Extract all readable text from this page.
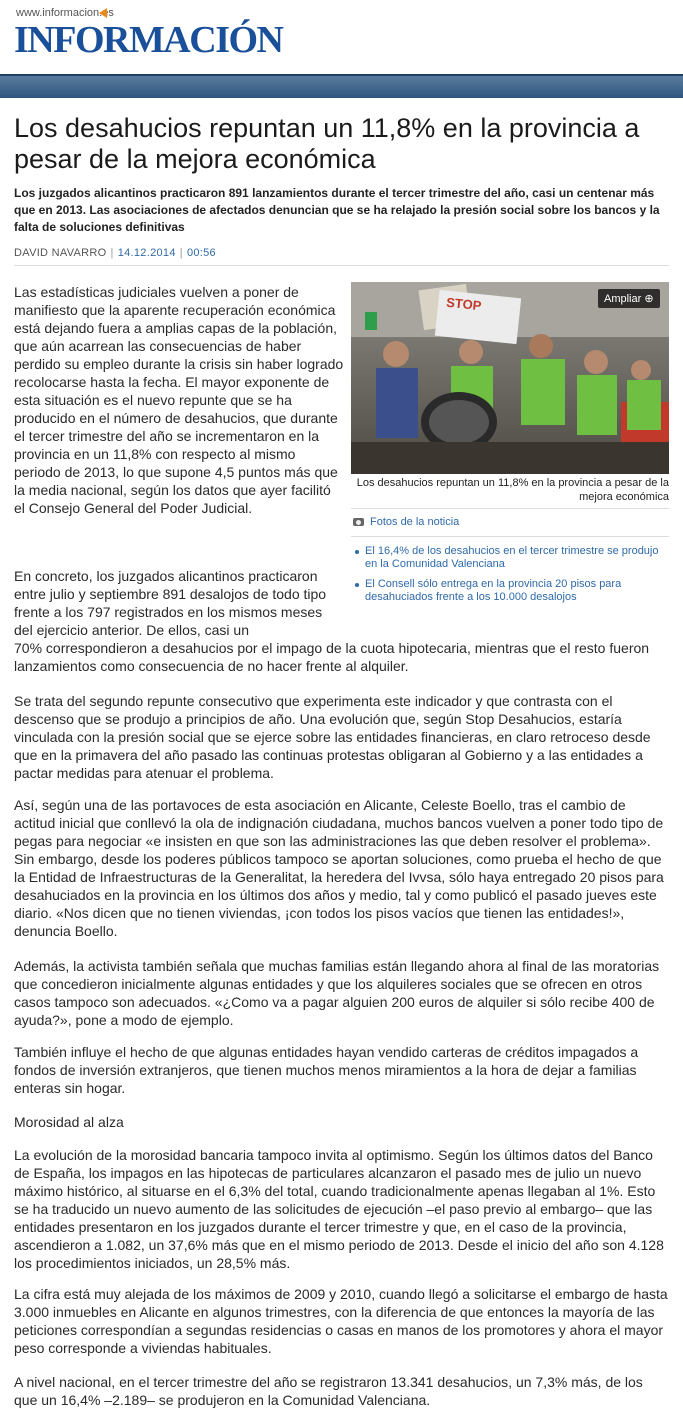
www.informacion.es
INFORMACIÓN
Los desahucios repuntan un 11,8% en la provincia a pesar de la mejora económica

Los juzgados alicantinos practicaron 891 lanzamientos durante el tercer trimestre del año, casi un centenar más que en 2013. Las asociaciones de afectados denuncian que se ha relajado la presión social sobre los bancos y la falta de soluciones definitivas

DAVID NAVARRO | 14.12.2014 | 00:56
STOP	Ampliar ⊕
Los desahucios repuntan un 11,8% en la provincia a pesar de la mejora económica
Fotos de la noticia
El 16,4% de los desahucios en el tercer trimestre se produjo en la Comunidad Valenciana
El Consell sólo entrega en la provincia 20 pisos para desahuciados frente a los 10.000 desalojos

Las estadísticas judiciales vuelven a poner de manifiesto que la aparente recuperación económica está dejando fuera a amplias capas de la población, que aún acarrean las consecuencias de haber perdido su empleo durante la crisis sin haber logrado recolocarse hasta la fecha. El mayor exponente de esta situación es el nuevo repunte que se ha producido en el número de desahucios, que durante el tercer trimestre del año se incrementaron en la provincia en un 11,8% con respecto al mismo periodo de 2013, lo que supone 4,5 puntos más que la media nacional, según los datos que ayer facilitó el Consejo General del Poder Judicial.

En concreto, los juzgados alicantinos practicaron entre julio y septiembre 891 desalojos de todo tipo frente a los 797 registrados en los mismos meses del ejercicio anterior. De ellos, casi un

70% correspondieron a desahucios por el impago de la cuota hipotecaria, mientras que el resto fueron lanzamientos como consecuencia de no hacer frente al alquiler.

Se trata del segundo repunte consecutivo que experimenta este indicador y que contrasta con el descenso que se produjo a principios de año. Una evolución que, según Stop Desahucios, estaría vinculada con la presión social que se ejerce sobre las entidades financieras, en claro retroceso desde que en la primavera del año pasado las continuas protestas obligaran al Gobierno y a las entidades a pactar medidas para atenuar el problema.

Así, según una de las portavoces de esta asociación en Alicante, Celeste Boello, tras el cambio de actitud inicial que conllevó la ola de indignación ciudadana, muchos bancos vuelven a poner todo tipo de pegas para negociar «e insisten en que son las administraciones las que deben resolver el problema». Sin embargo, desde los poderes públicos tampoco se aportan soluciones, como prueba el hecho de que la Entidad de Infraestructuras de la Generalitat, la heredera del Ivvsa, sólo haya entregado 20 pisos para desahuciados en la provincia en los últimos dos años y medio, tal y como publicó el pasado jueves este diario. «Nos dicen que no tienen viviendas, ¡con todos los pisos vacíos que tienen las entidades!», denuncia Boello.

Además, la activista también señala que muchas familias están llegando ahora al final de las moratorias que concedieron inicialmente algunas entidades y que los alquileres sociales que se ofrecen en otros casos tampoco son adecuados. «¿Como va a pagar alguien 200 euros de alquiler si sólo recibe 400 de ayuda?», pone a modo de ejemplo.

También influye el hecho de que algunas entidades hayan vendido carteras de créditos impagados a fondos de inversión extranjeros, que tienen muchos menos miramientos a la hora de dejar a familias enteras sin hogar.

Morosidad al alza

La evolución de la morosidad bancaria tampoco invita al optimismo. Según los últimos datos del Banco de España, los impagos en las hipotecas de particulares alcanzaron el pasado mes de julio un nuevo máximo histórico, al situarse en el 6,3% del total, cuando tradicionalmente apenas llegaban al 1%. Esto se ha traducido un nuevo aumento de las solicitudes de ejecución –el paso previo al embargo– que las entidades presentaron en los juzgados durante el tercer trimestre y que, en el caso de la provincia, ascendieron a 1.082, un 37,6% más que en el mismo periodo de 2013. Desde el inicio del año son 4.128 los procedimientos iniciados, un 28,5% más.

La cifra está muy alejada de los máximos de 2009 y 2010, cuando llegó a solicitarse el embargo de hasta 3.000 inmuebles en Alicante en algunos trimestres, con la diferencia de que entonces la mayoría de las peticiones correspondían a segundas residencias o casas en manos de los promotores y ahora el mayor peso corresponde a viviendas habituales.

A nivel nacional, en el tercer trimestre del año se registraron 13.341 desahucios, un 7,3% más, de los que un 16,4% –2.189– se produjeron en la Comunidad Valenciana.
